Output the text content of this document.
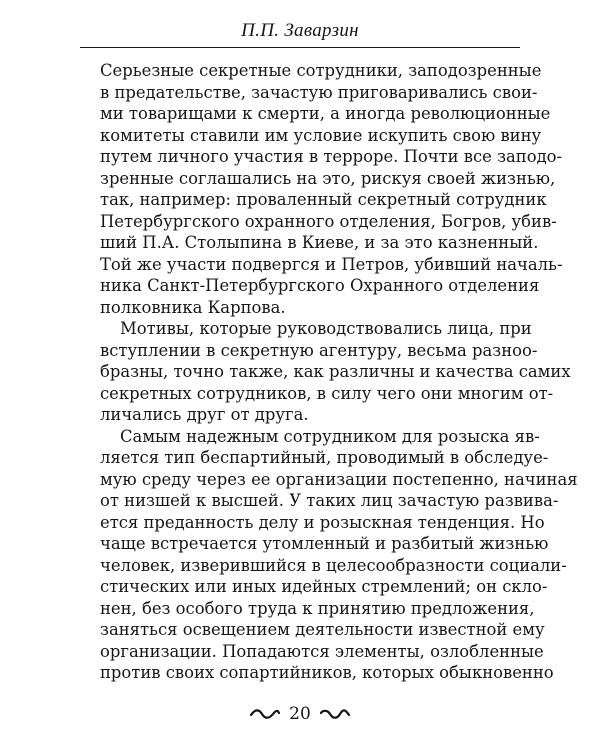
П.П. Заварзин
Серьезные секретные сотрудники, заподозренные
в предательстве, зачастую приговаривались свои-
ми товарищами к смерти, а иногда революционные
комитеты ставили им условие искупить свою вину
путем личного участия в терроре. Почти все заподо-
зренные соглашались на это, рискуя своей жизнью,
так, например: проваленный секретный сотрудник
Петербургского охранного отделения, Богров, убив-
ший П.А. Столыпина в Киеве, и за это казненный.
Той же участи подвергся и Петров, убивший началь-
ника Санкт-Петербургского Охранного отделения
полковника Карпова.
Мотивы, которые руководствовались лица, при
вступлении в секретную агентуру, весьма разноо-
бразны, точно также, как различны и качества самих
секретных сотрудников, в силу чего они многим от-
личались друг от друга.
Самым надежным сотрудником для розыска яв-
ляется тип беспартийный, проводимый в обследуе-
мую среду через ее организации постепенно, начиная
от низшей к высшей. У таких лиц зачастую развива-
ется преданность делу и розыскная тенденция. Но
чаще встречается утомленный и разбитый жизнью
человек, изверившийся в целесообразности социали-
стических или иных идейных стремлений; он скло-
нен, без особого труда к принятию предложения,
заняться освещением деятельности известной ему
организации. Попадаются элементы, озлобленные
против своих сопартийников, которых обыкновенно
20
